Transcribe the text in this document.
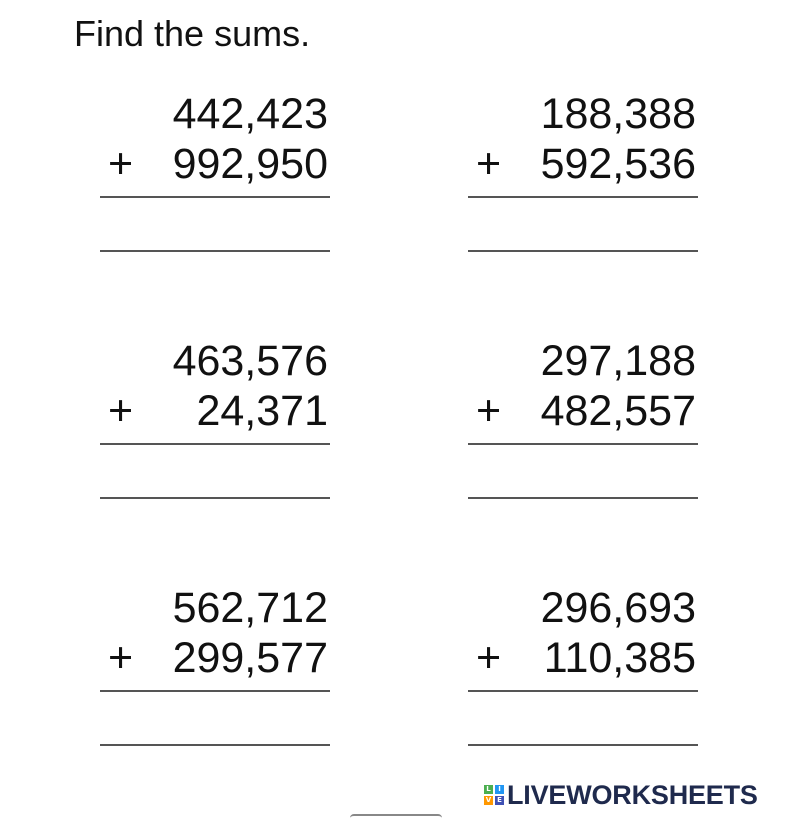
Find the sums.
442,423
+ 992,950
188,388
+ 592,536
463,576
+ 24,371
297,188
+ 482,557
562,712
+ 299,577
296,693
+ 110,385
L	I
V E LIVEWORKSHEETS
